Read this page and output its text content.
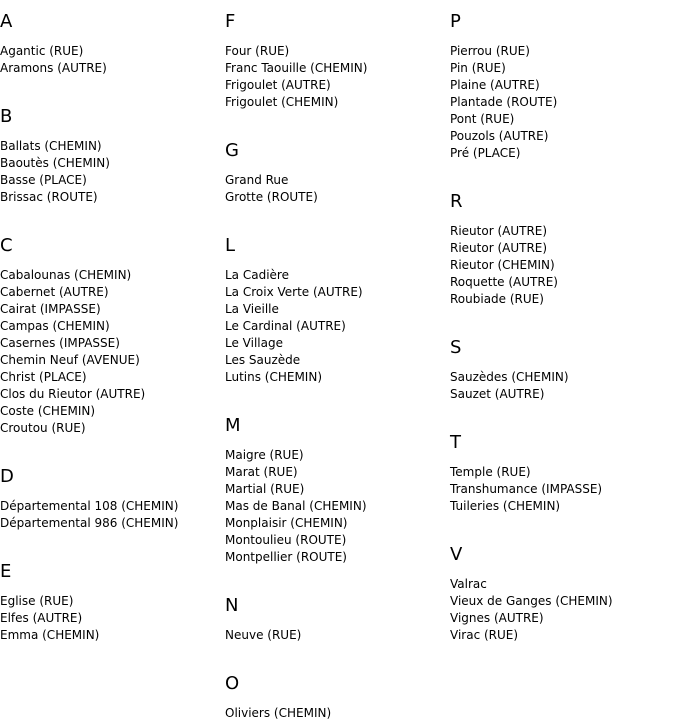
A
Agantic (RUE)
Aramons (AUTRE)
B
Ballats (CHEMIN)
Baoutès (CHEMIN)
Basse (PLACE)
Brissac (ROUTE)
C
Cabalounas (CHEMIN)
Cabernet (AUTRE)
Cairat (IMPASSE)
Campas (CHEMIN)
Casernes (IMPASSE)
Chemin Neuf (AVENUE)
Christ (PLACE)
Clos du Rieutor (AUTRE)
Coste (CHEMIN)
Croutou (RUE)
D
Départemental 108 (CHEMIN)
Départemental 986 (CHEMIN)
E
Eglise (RUE)
Elfes (AUTRE)
Emma (CHEMIN)
F
Four (RUE)
Franc Taouille (CHEMIN)
Frigoulet (AUTRE)
Frigoulet (CHEMIN)
G
Grand Rue
Grotte (ROUTE)
L
La Cadière
La Croix Verte (AUTRE)
La Vieille
Le Cardinal (AUTRE)
Le Village
Les Sauzède
Lutins (CHEMIN)
M
Maigre (RUE)
Marat (RUE)
Martial (RUE)
Mas de Banal (CHEMIN)
Monplaisir (CHEMIN)
Montoulieu (ROUTE)
Montpellier (ROUTE)
N
Neuve (RUE)
O
Oliviers (CHEMIN)
P
Pierrou (RUE)
Pin (RUE)
Plaine (AUTRE)
Plantade (ROUTE)
Pont (RUE)
Pouzols (AUTRE)
Pré (PLACE)
R
Rieutor (AUTRE)
Rieutor (AUTRE)
Rieutor (CHEMIN)
Roquette (AUTRE)
Roubiade (RUE)
S
Sauzèdes (CHEMIN)
Sauzet (AUTRE)
T
Temple (RUE)
Transhumance (IMPASSE)
Tuileries (CHEMIN)
V
Valrac
Vieux de Ganges (CHEMIN)
Vignes (AUTRE)
Virac (RUE)
